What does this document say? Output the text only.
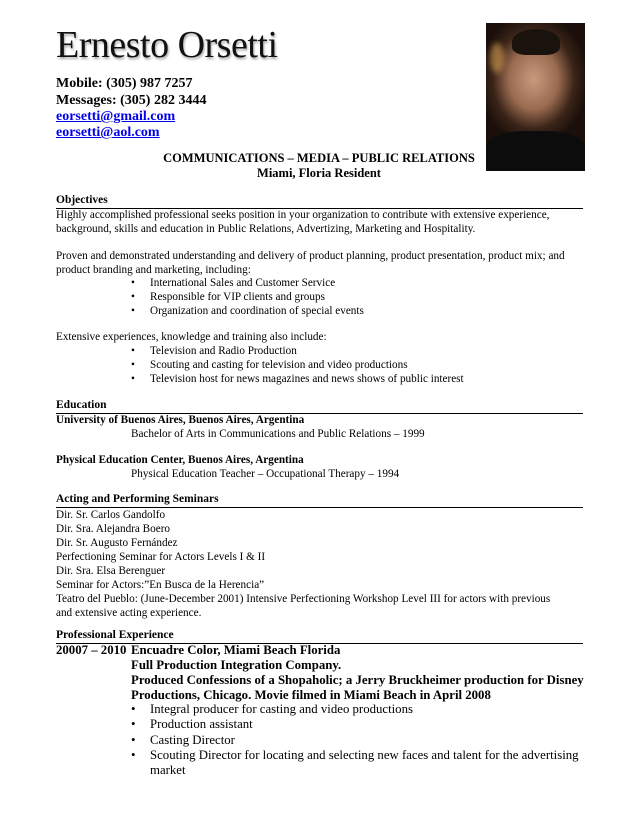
Ernesto Orsetti
Mobile: (305) 987 7257
Messages: (305) 282 3444
eorsetti@gmail.com
eorsetti@aol.com
COMMUNICATIONS – MEDIA – PUBLIC RELATIONS
Miami, Floria Resident
Objectives
Highly accomplished professional seeks position in your organization to contribute with extensive experience,
background, skills and education in Public Relations, Advertizing, Marketing and Hospitality.
Proven and demonstrated understanding and delivery of product planning, product presentation, product mix; and
product branding and marketing, including:
• International Sales and Customer Service
• Responsible for VIP clients and groups
• Organization and coordination of special events
Extensive experiences, knowledge and training also include:
• Television and Radio Production
• Scouting and casting for television and video productions
• Television host for news magazines and news shows of public interest
Education
University of Buenos Aires, Buenos Aires, Argentina
Bachelor of Arts in Communications and Public Relations – 1999
Physical Education Center, Buenos Aires, Argentina
Physical Education Teacher – Occupational Therapy – 1994
Acting and Performing Seminars
Dir. Sr. Carlos Gandolfo
Dir. Sra. Alejandra Boero
Dir. Sr. Augusto Fernández
Perfectioning Seminar for Actors Levels I & II
Dir. Sra. Elsa Berenguer
Seminar for Actors:”En Busca de la Herencia”
Teatro del Pueblo: (June-December 2001) Intensive Perfectioning Workshop Level III for actors with previous
and extensive acting experience.
Professional Experience
20007 – 2010 Encuadre Color, Miami Beach Florida
Full Production Integration Company.
Produced Confessions of a Shopaholic; a Jerry Bruckheimer production for Disney
Productions, Chicago. Movie filmed in Miami Beach in April 2008
• Integral producer for casting and video productions
• Production assistant
• Casting Director
• Scouting Director for locating and selecting new faces and talent for the advertising
market
